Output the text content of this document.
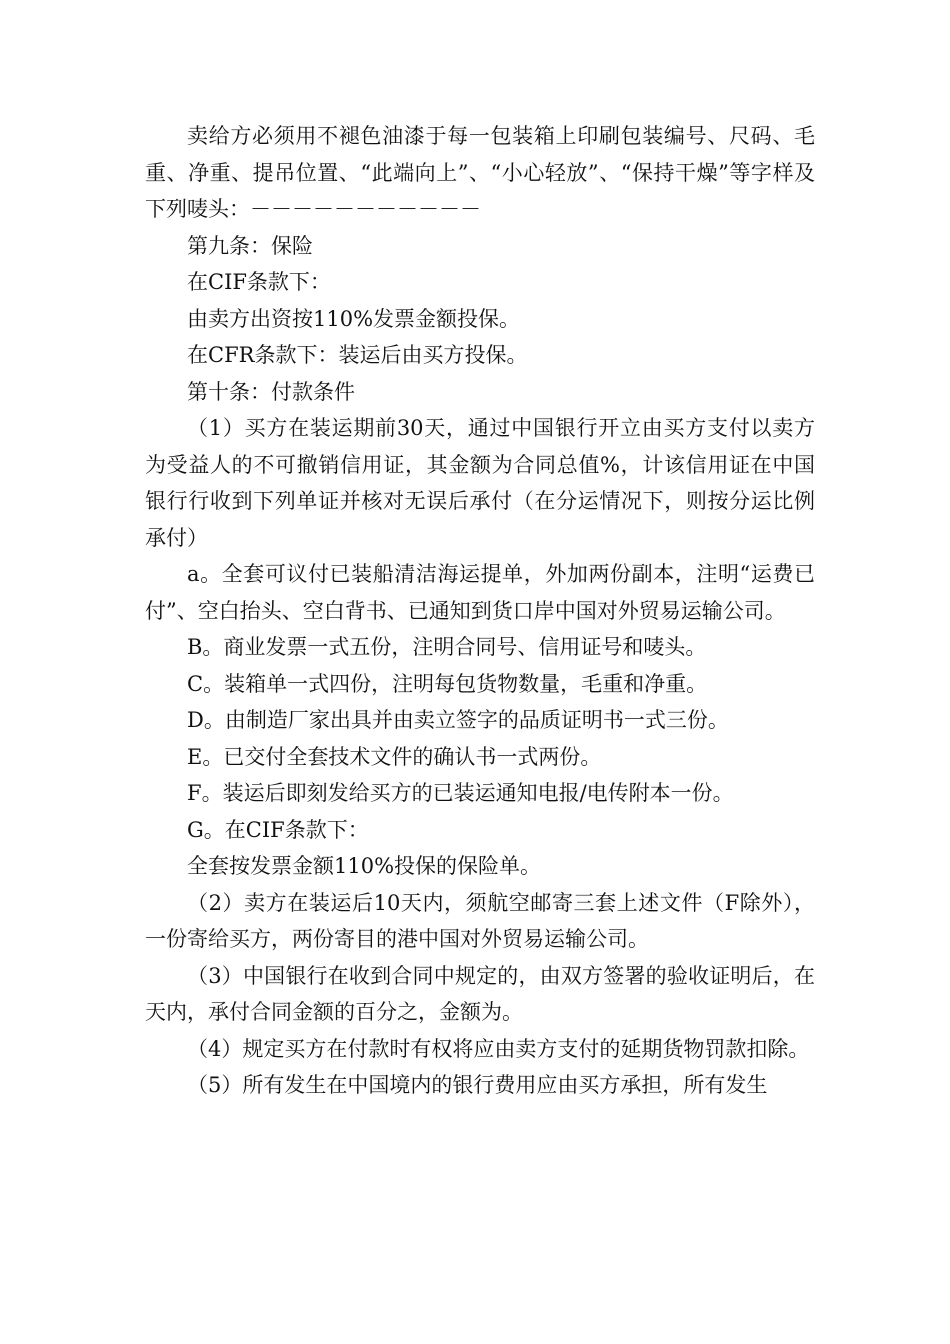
卖给方必须用不褪色油漆于每一包装箱上印刷包装编号、尺码、毛重、净重、提吊位置、“此端向上”、“小心轻放”、“保持干燥”等字样及下列唛头：－－－－－－－－－－－

第九条：保险

在CIF条款下：

由卖方出资按110%发票金额投保。

在CFR条款下：装运后由买方投保。

第十条：付款条件

（1）买方在装运期前30天，通过中国银行开立由买方支付以卖方为受益人的不可撤销信用证，其金额为合同总值%，计该信用证在中国银行行收到下列单证并核对无误后承付（在分运情况下，则按分运比例承付）

a。全套可议付已装船清洁海运提单，外加两份副本，注明“运费已付”、空白抬头、空白背书、已通知到货口岸中国对外贸易运输公司。

B。商业发票一式五份，注明合同号、信用证号和唛头。

C。装箱单一式四份，注明每包货物数量，毛重和净重。

D。由制造厂家出具并由卖立签字的品质证明书一式三份。

E。已交付全套技术文件的确认书一式两份。

F。装运后即刻发给买方的已装运通知电报/电传附本一份。

G。在CIF条款下：

全套按发票金额110%投保的保险单。

（2）卖方在装运后10天内，须航空邮寄三套上述文件（F除外），一份寄给买方，两份寄目的港中国对外贸易运输公司。

（3）中国银行在收到合同中规定的，由双方签署的验收证明后，在天内，承付合同金额的百分之，金额为。

（4）规定买方在付款时有权将应由卖方支付的延期货物罚款扣除。

（5）所有发生在中国境内的银行费用应由买方承担，所有发生
